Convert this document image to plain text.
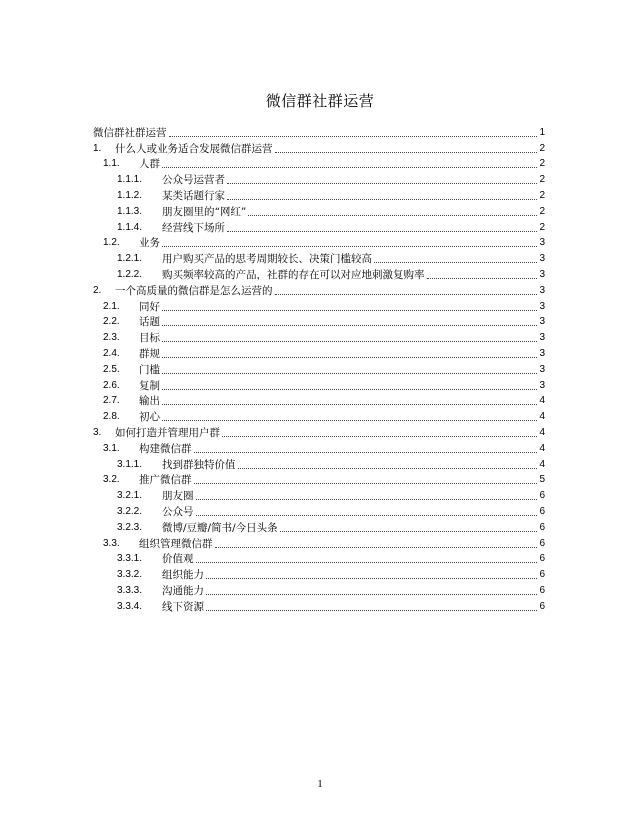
微信群社群运营
微信群社群运营	1
1.	什么人或业务适合发展微信群运营	2
1.1.	人群	2
1.1.1.	公众号运营者	2
1.1.2.	某类话题行家	2
1.1.3.	朋友圈里的“网红”	2
1.1.4.	经营线下场所	2
1.2.	业务	3
1.2.1.	用户购买产品的思考周期较长、决策门槛较高	3
1.2.2.	购买频率较高的产品，社群的存在可以对应地刺激复购率	3
2.	一个高质量的微信群是怎么运营的	3
2.1.	同好	3
2.2.	话题	3
2.3.	目标	3
2.4.	群规	3
2.5.	门槛	3
2.6.	复制	3
2.7.	输出	4
2.8.	初心	4
3.	如何打造并管理用户群	4
3.1.	构建微信群	4
3.1.1.	找到群独特价值	4
3.2.	推广微信群	5
3.2.1.	朋友圈	6
3.2.2.	公众号	6
3.2.3.	微博/豆瓣/简书/今日头条	6
3.3.	组织管理微信群	6
3.3.1.	价值观	6
3.3.2.	组织能力	6
3.3.3.	沟通能力	6
3.3.4.	线下资源	6
1
